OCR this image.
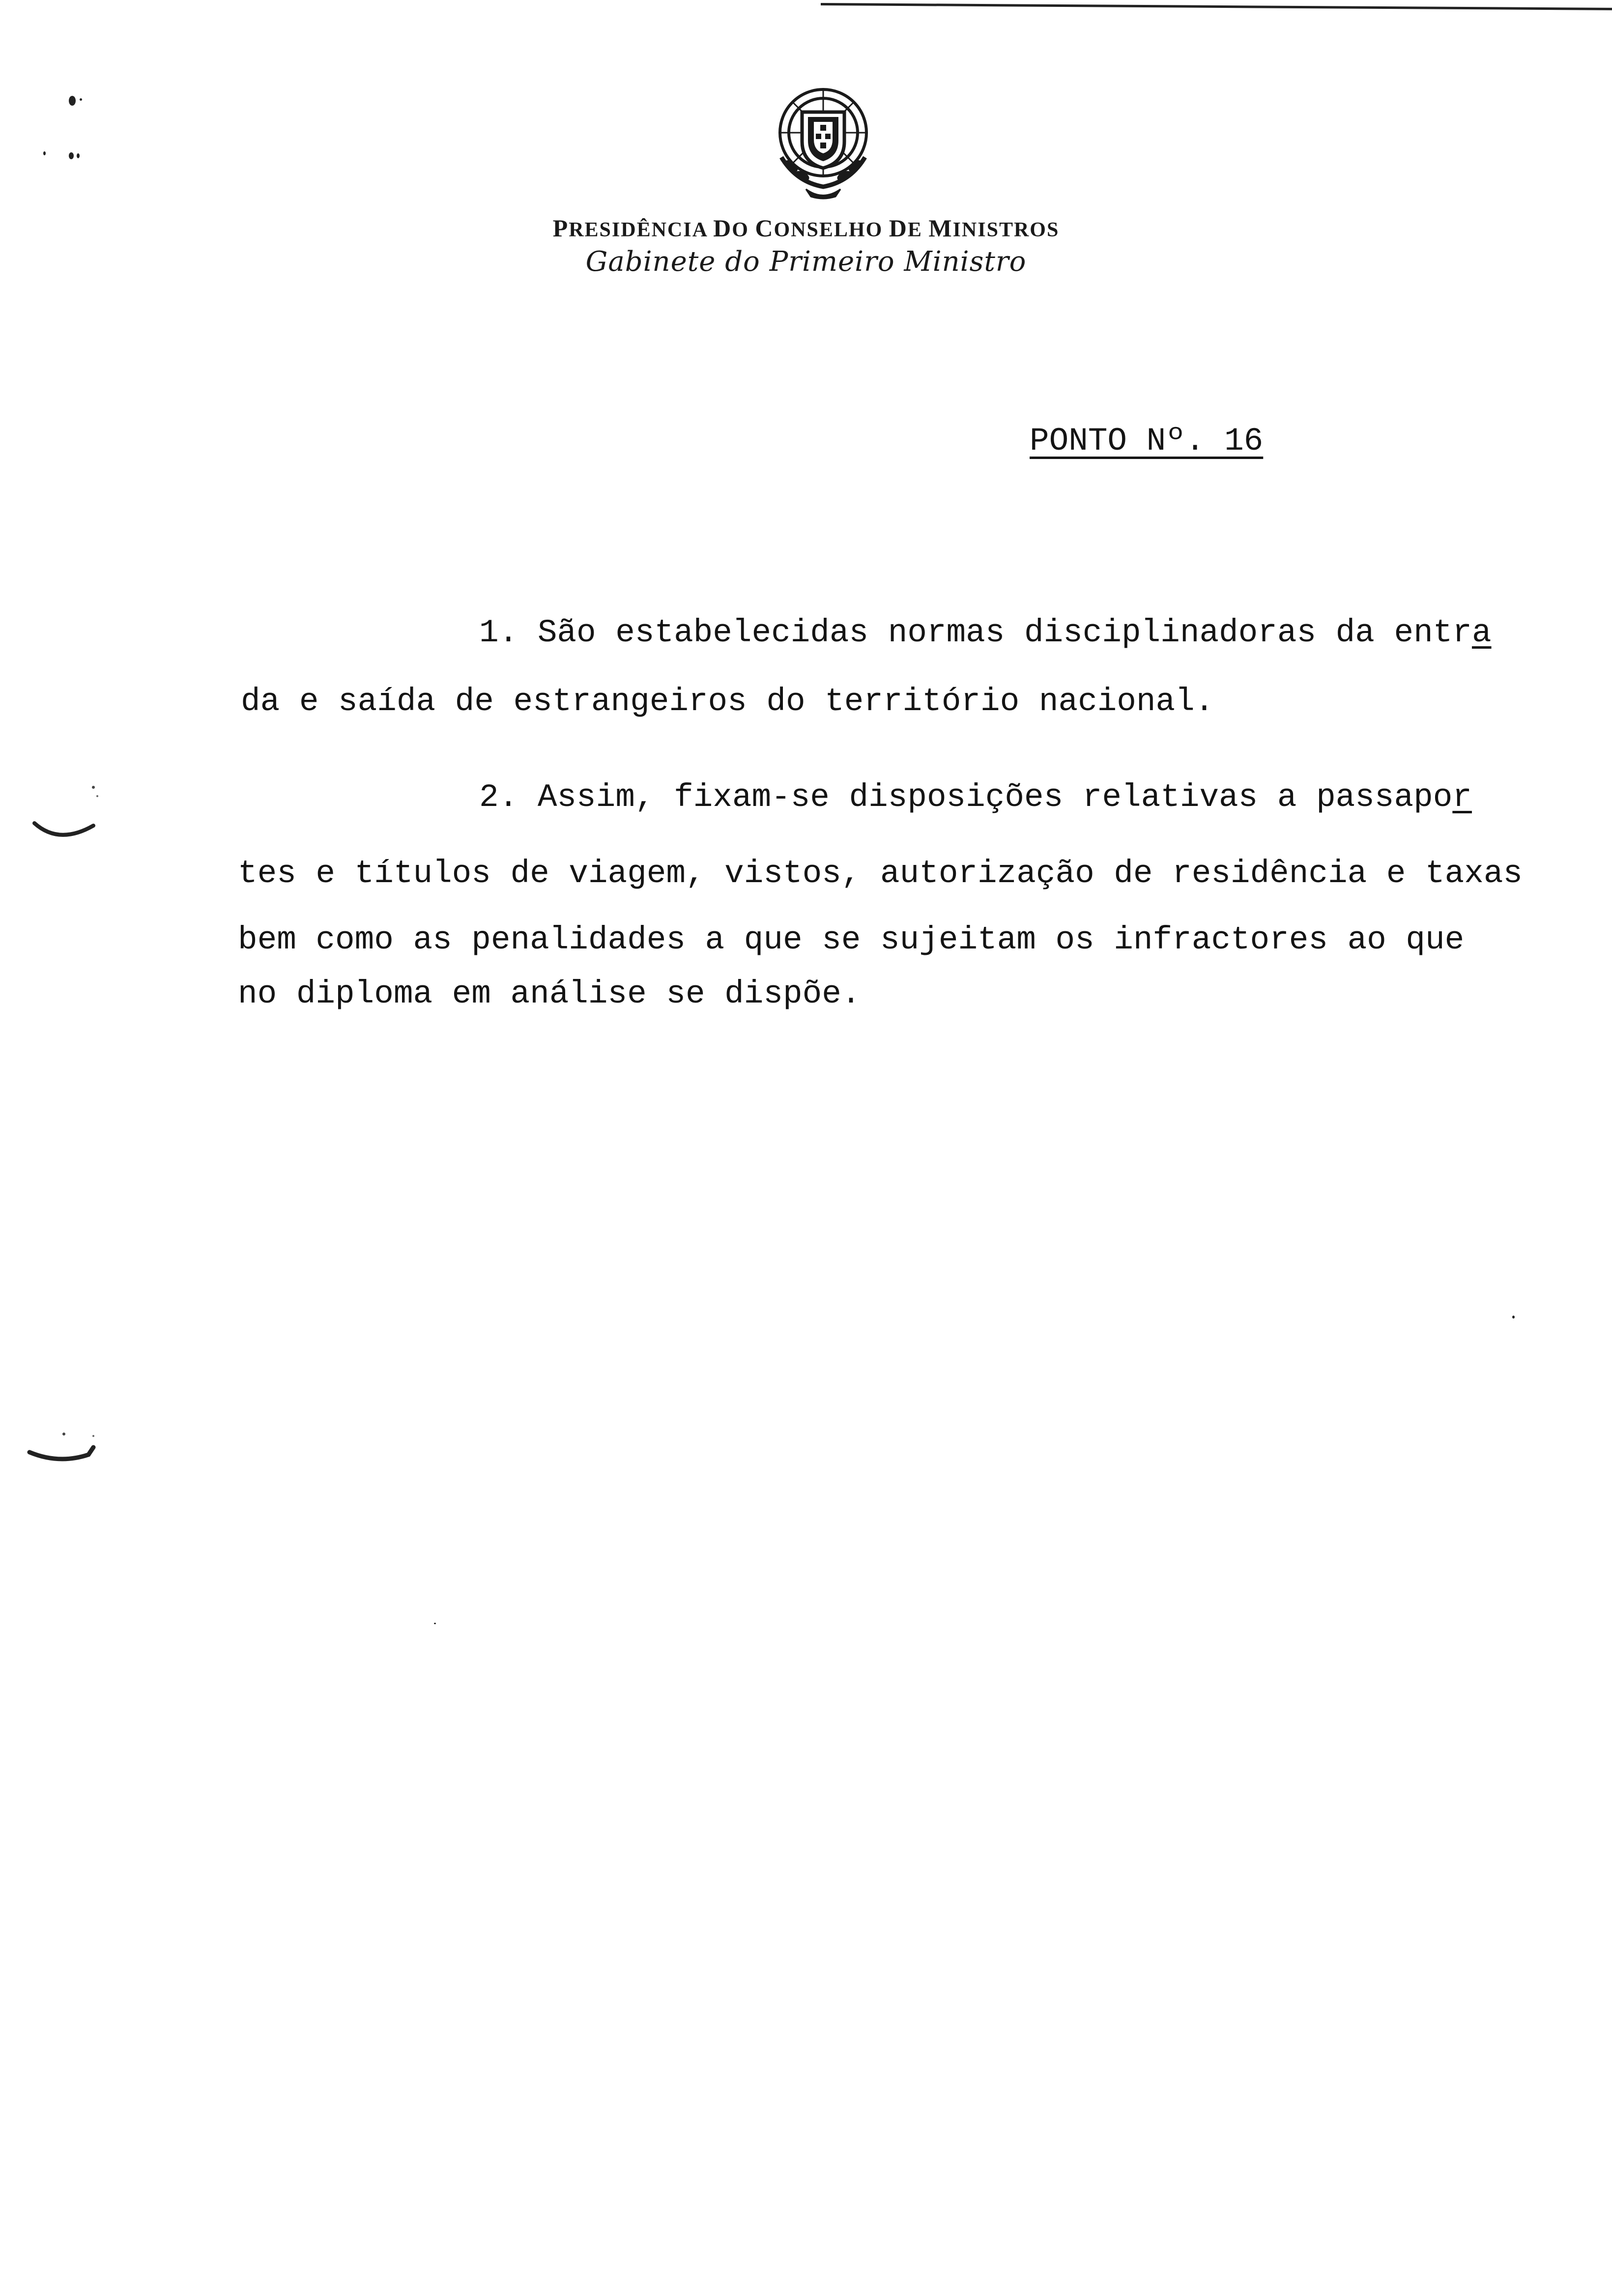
PRESIDÊNCIA DO CONSELHO DE MINISTROS
Gabinete do Primeiro Ministro
PONTO Nº. 16
1. São estabelecidas normas disciplinadoras da entra
da e saída de estrangeiros do território nacional.
2. Assim, fixam-se disposições relativas a passapor
tes e títulos de viagem, vistos, autorização de residência e taxas
bem como as penalidades a que se sujeitam os infractores ao que
no diploma em análise se dispõe.
